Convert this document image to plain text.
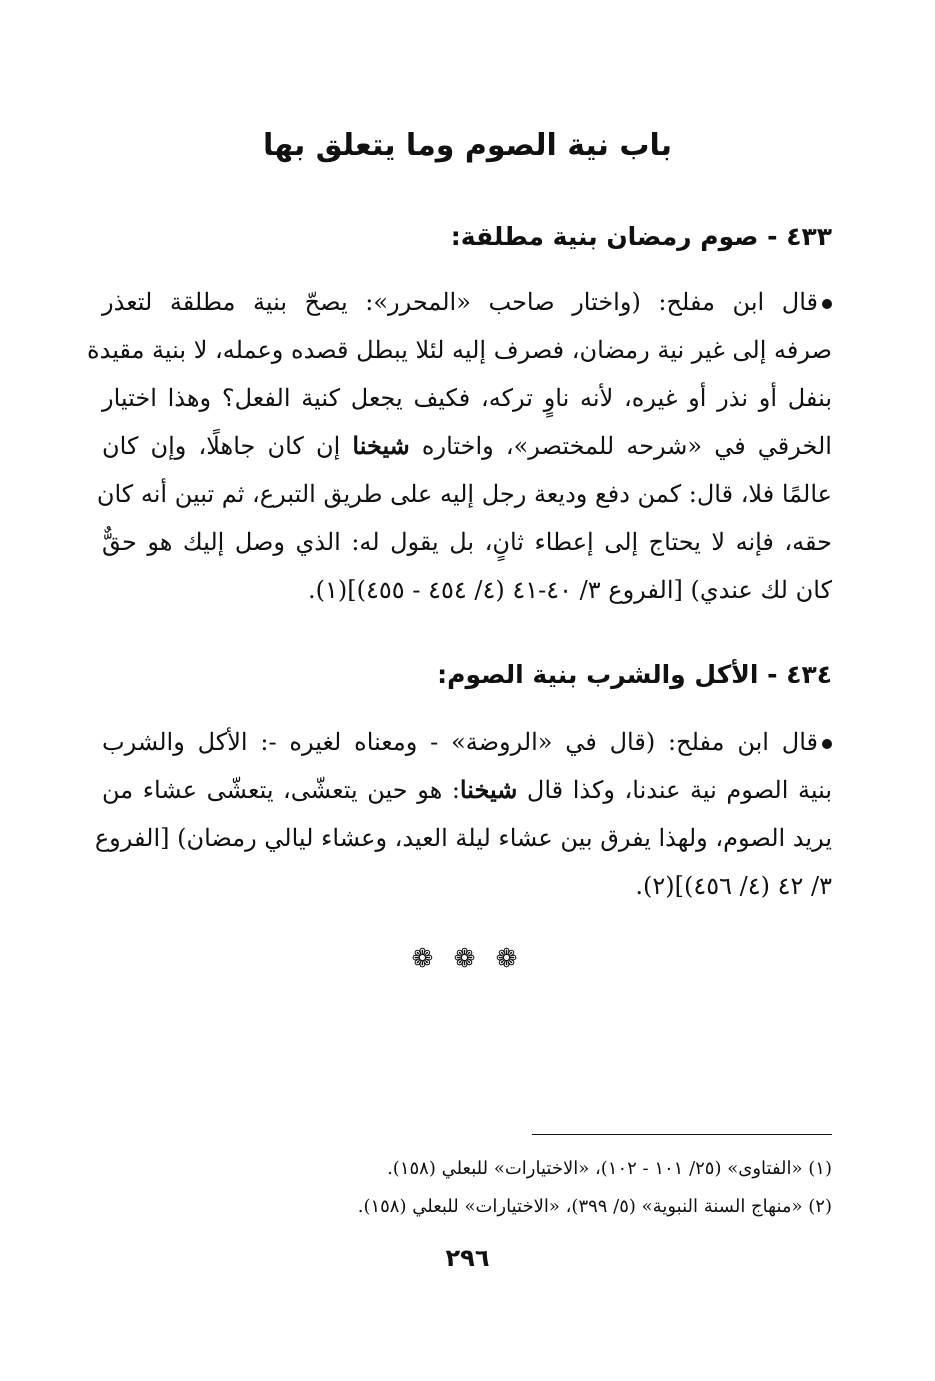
باب نية الصوم وما يتعلق بها
٤٣٣ - صوم رمضان بنية مطلقة:
قال ابن مفلح: (واختار صاحب «المحرر»: يصحّ بنية مطلقة لتعذر
صرفه إلى غير نية رمضان، فصرف إليه لئلا يبطل قصده وعمله، لا بنية مقيدة
بنفل أو نذر أو غيره، لأنه ناوٍ تركه، فكيف يجعل كنية الفعل؟ وهذا اختيار
الخرقي في «شرحه للمختصر»، واختاره شيخنا إن كان جاهلًا، وإن كان
عالمًا فلا، قال: كمن دفع وديعة رجل إليه على طريق التبرع، ثم تبين أنه كان
حقه، فإنه لا يحتاج إلى إعطاء ثانٍ، بل يقول له: الذي وصل إليك هو حقٌّ
كان لك عندي) [الفروع ٣/ ٤٠-٤١ (٤/ ٤٥٤ - ٤٥٥)](١).
٤٣٤ - الأكل والشرب بنية الصوم:
قال ابن مفلح: (قال في «الروضة» - ومعناه لغيره -: الأكل والشرب
بنية الصوم نية عندنا، وكذا قال شيخنا: هو حين يتعشّى، يتعشّى عشاء من
يريد الصوم، ولهذا يفرق بين عشاء ليلة العيد، وعشاء ليالي رمضان) [الفروع
٣/ ٤٢ (٤/ ٤٥٦)](٢).
❁ ❁ ❁
(١) «الفتاوى» (٢٥/ ١٠١ - ١٠٢)، «الاختيارات» للبعلي (١٥٨).
(٢) «منهاج السنة النبوية» (٥/ ٣٩٩)، «الاختيارات» للبعلي (١٥٨).
٢٩٦
